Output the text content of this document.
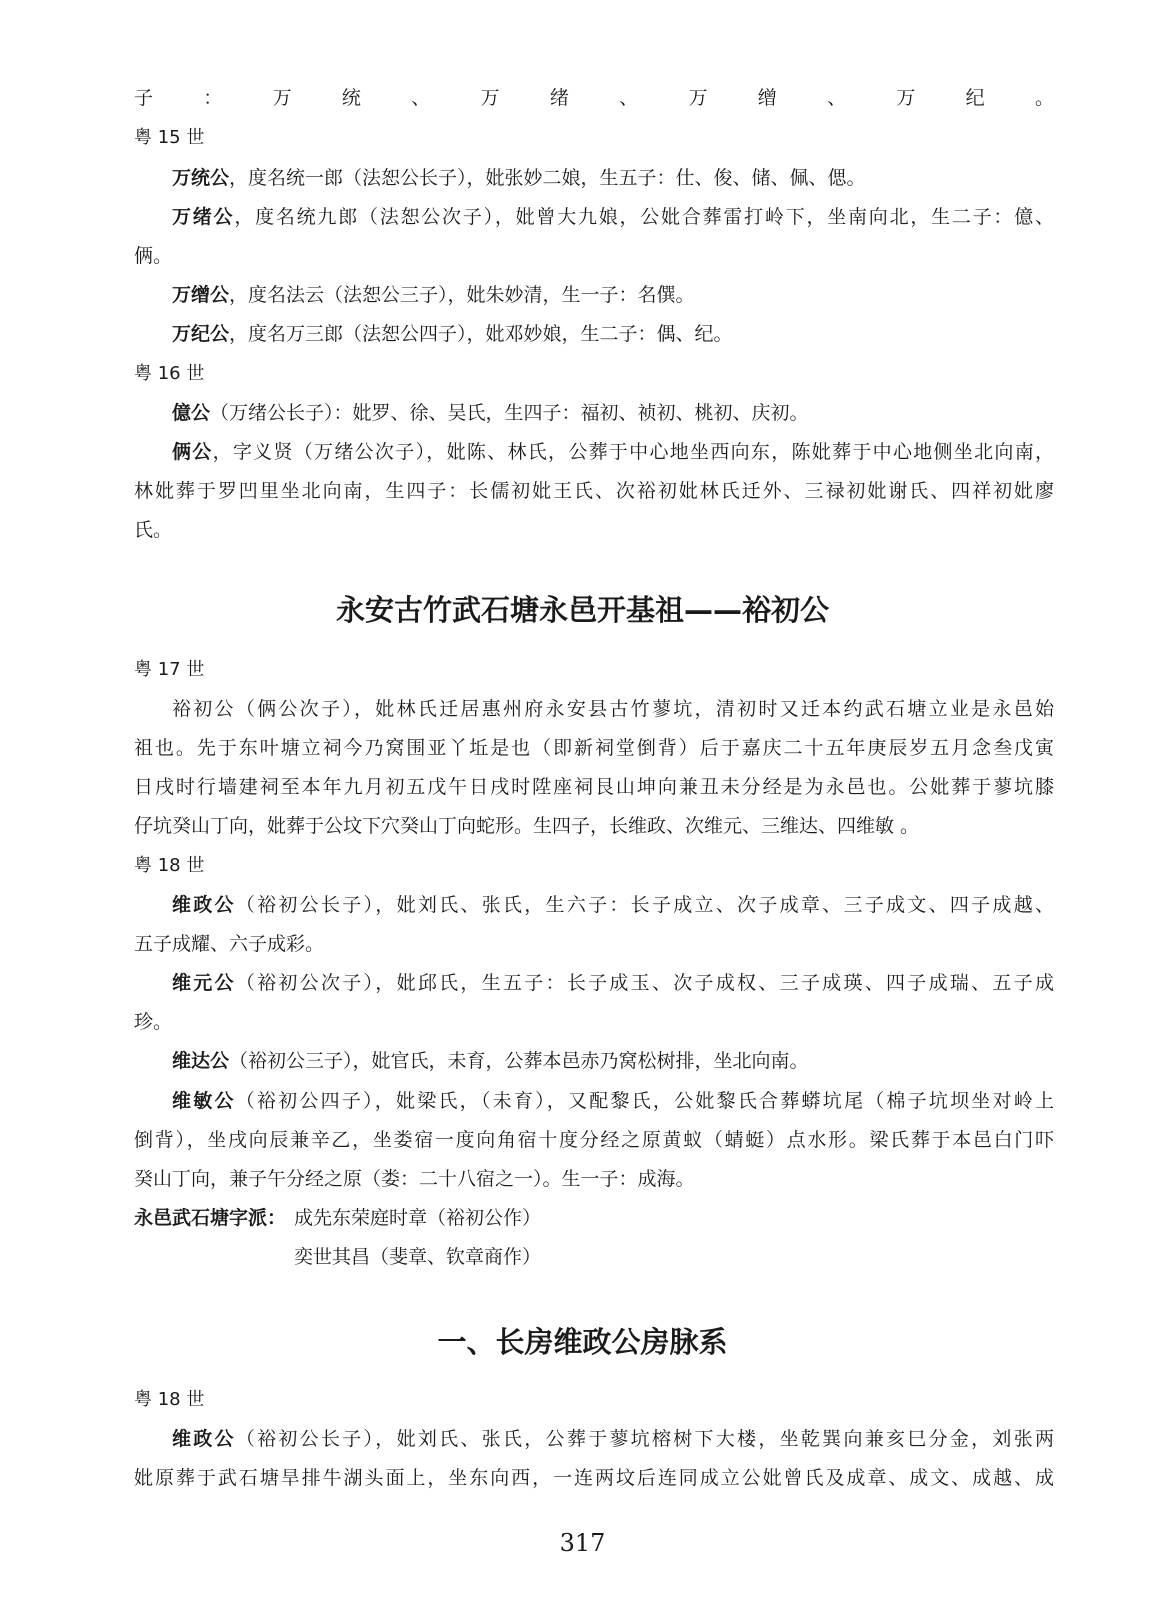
子：万统、万绪、万缯、万纪。
粤 15 世
万统公，度名统一郎（法恕公长子），妣张妙二娘，生五子：仕、俊、储、佩、偲。
万绪公，度名统九郎（法恕公次子），妣曾大九娘，公妣合葬雷打岭下，坐南向北，生二子：億、
俩。
万缯公，度名法云（法恕公三子），妣朱妙清，生一子：名僎。
万纪公，度名万三郎（法恕公四子），妣邓妙娘，生二子：偶、纪。
粤 16 世
億公（万绪公长子）：妣罗、徐、吴氏，生四子：福初、祯初、桃初、庆初。
俩公，字义贤（万绪公次子），妣陈、林氏，公葬于中心地坐西向东，陈妣葬于中心地侧坐北向南，
林妣葬于罗凹里坐北向南，生四子：长儒初妣王氏、次裕初妣林氏迁外、三禄初妣谢氏、四祥初妣廖
氏。
永安古竹武石塘永邑开基祖——裕初公
粤 17 世
裕初公（俩公次子），妣林氏迁居惠州府永安县古竹蓼坑，清初时又迁本约武石塘立业是永邑始
祖也。先于东叶塘立祠今乃窝围亚丫坵是也（即新祠堂倒背）后于嘉庆二十五年庚辰岁五月念叁戊寅
日戌时行墙建祠至本年九月初五戊午日戌时陞座祠艮山坤向兼丑未分经是为永邑也。公妣葬于蓼坑膝
仔坑癸山丁向，妣葬于公坟下穴癸山丁向蛇形。生四子，长维政、次维元、三维达、四维敏 。
粤 18 世
维政公（裕初公长子），妣刘氏、张氏，生六子：长子成立、次子成章、三子成文、四子成越、
五子成耀、六子成彩。
维元公（裕初公次子），妣邱氏，生五子：长子成玉、次子成权、三子成瑛、四子成瑞、五子成
珍。
维达公（裕初公三子），妣官氏，未育，公葬本邑赤乃窝松树排，坐北向南。
维敏公（裕初公四子），妣梁氏，（未育），又配黎氏，公妣黎氏合葬蟒坑尾（棉子坑坝坐对岭上
倒背），坐戌向辰兼辛乙，坐娄宿一度向角宿十度分经之原黄蚁（蜻蜓）点水形。梁氏葬于本邑白门吓
癸山丁向，兼子午分经之原（娄：二十八宿之一）。生一子：成海。
永邑武石塘字派： 成先东荣庭时章（裕初公作）
奕世其昌（斐章、钦章商作）
一、长房维政公房脉系
粤 18 世
维政公（裕初公长子），妣刘氏、张氏，公葬于蓼坑榕树下大楼，坐乾巽向兼亥巳分金，刘张两
妣原葬于武石塘旱排牛湖头面上，坐东向西，一连两坟后连同成立公妣曾氏及成章、成文、成越、成
317
